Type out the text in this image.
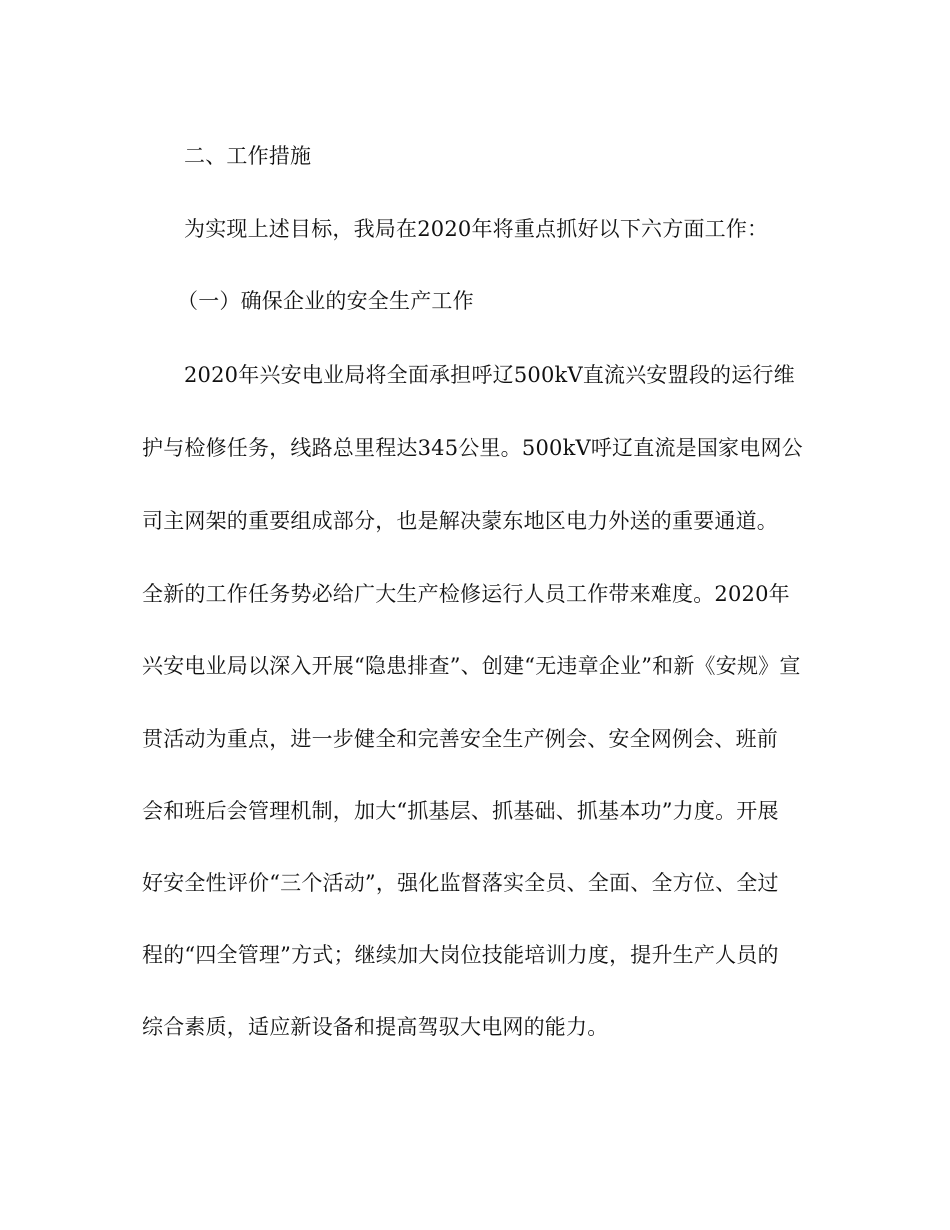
二、工作措施
为实现上述目标，我局在2020年将重点抓好以下六方面工作：
（一）确保企业的安全生产工作
2020年兴安电业局将全面承担呼辽500kV直流兴安盟段的运行维
护与检修任务，线路总里程达345公里。500kV呼辽直流是国家电网公
司主网架的重要组成部分，也是解决蒙东地区电力外送的重要通道。
全新的工作任务势必给广大生产检修运行人员工作带来难度。2020年
兴安电业局以深入开展“隐患排查”、创建“无违章企业”和新《安规》宣
贯活动为重点，进一步健全和完善安全生产例会、安全网例会、班前
会和班后会管理机制，加大“抓基层、抓基础、抓基本功”力度。开展
好安全性评价“三个活动”，强化监督落实全员、全面、全方位、全过
程的“四全管理”方式；继续加大岗位技能培训力度，提升生产人员的
综合素质，适应新设备和提高驾驭大电网的能力。
